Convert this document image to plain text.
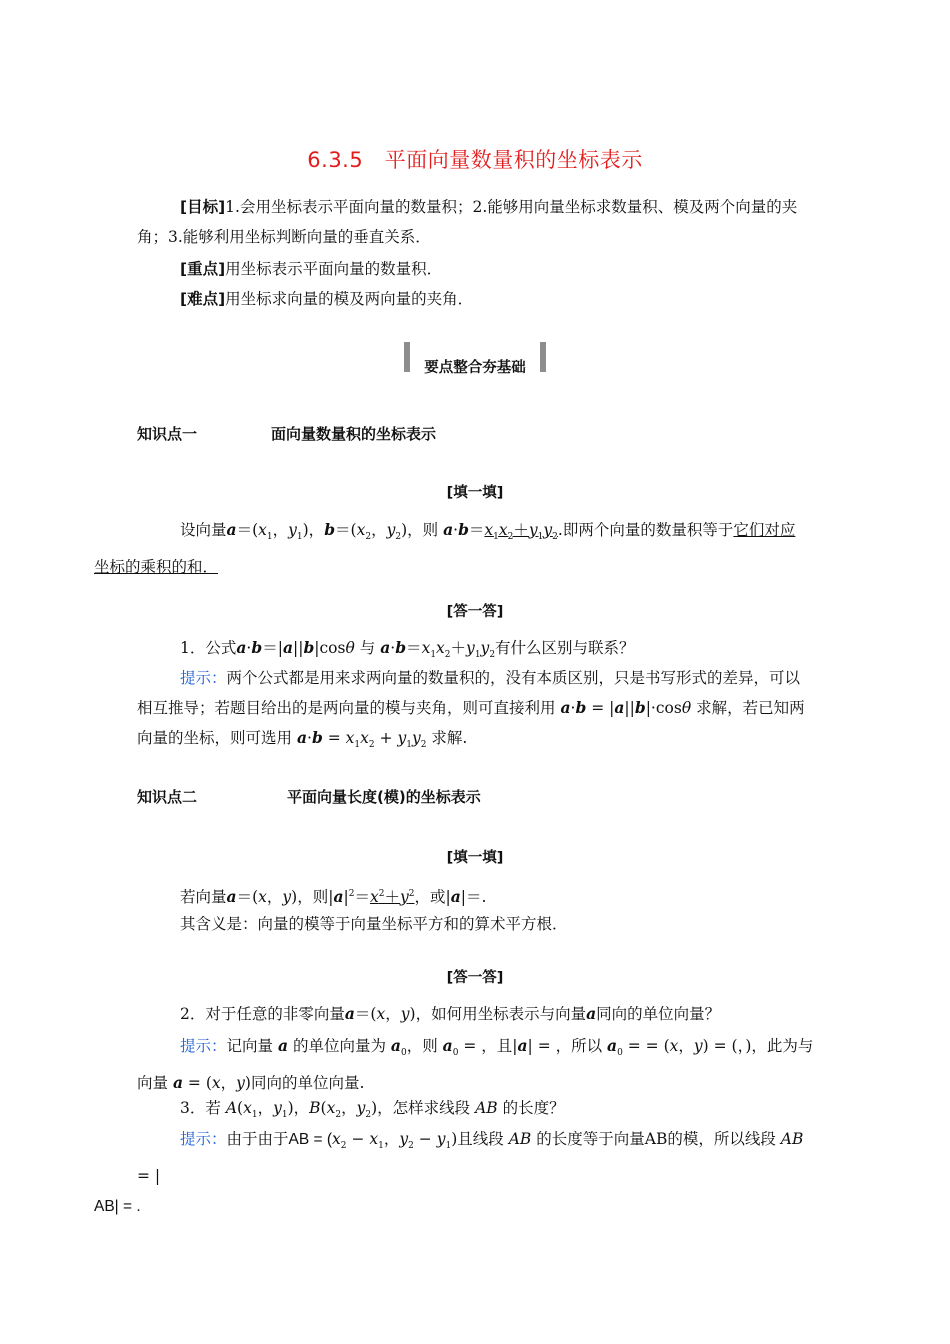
6.3.5　平面向量数量积的坐标表示
[目标]1.会用坐标表示平面向量的数量积；2.能够用向量坐标求数量积、模及两个向量的夹角；3.能够利用坐标判断向量的垂直关系．
[重点]用坐标表示平面向量的数量积．
[难点]用坐标求向量的模及两向量的夹角．
要点整合夯基础
知识点一	面向量数量积的坐标表示
[填一填]
设向量$a=(x_1$，$y_1$)，$b=(x_2$，$y_2$)，则 $a\cdot b=x_1x_2+y_1y_2$.即两个向量的数量积等于它们对应
坐标的乘积的和．
[答一答]
1．公式a·b＝|a||b|cosθ 与 $a\cdot b=x_1x_2+y_1y_2$有什么区别与联系？
提示：两个公式都是用来求两向量的数量积的，没有本质区别，只是书写形式的差异，可以相互推导；若题目给出的是两向量的模与夹角，则可直接利用 a·b = |a||b|·cosθ 求解，若已知两向量的坐标，则可选用 $a\cdot b = x_1x_2 + y_1y_2$ 求解.
知识点二	平面向量长度(模)的坐标表示
[填一填]
若向量a＝(x，y)，则$|a|^2=x^2+y^2$，或|a|＝.
其含义是：向量的模等于向量坐标平方和的算术平方根．
[答一答]
2．对于任意的非零向量a＝(x，y)，如何用坐标表示与向量a同向的单位向量？
提示：记向量 a 的单位向量为 $a_0$，则 $a_0$ = ，且|a| = ，所以 $a_0$ = = (x，y) = (，)，此为与向量 a = (x，y)同向的单位向量.
3．若 $A(x_1$，$y_1$)，$B(x_2$，$y_2$)，怎样求线段 AB 的长度？
提示：由于由于AB = ($x_2 - x_1$，$y_2 - y_1$)且线段 AB 的长度等于向量AB的模，所以线段 AB = |
AB| = .
